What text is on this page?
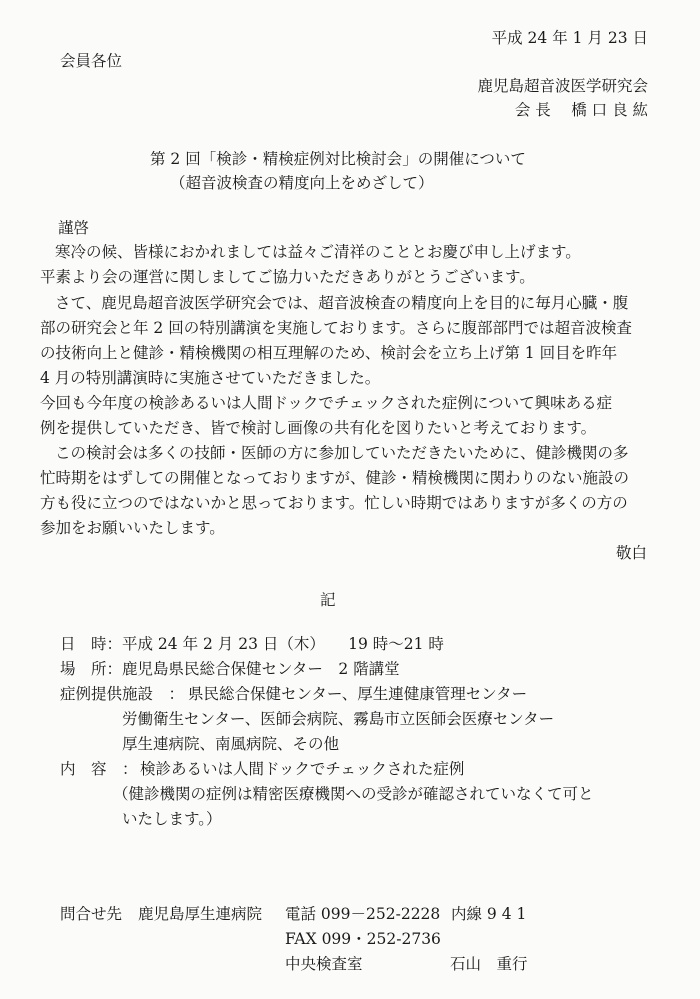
平成 24 年 1 月 23 日
会員各位
鹿児島超音波医学研究会
会 長　 橋 口 良 紘
第 2 回「検診・精検症例対比検討会」の開催について
（超音波検査の精度向上をめざして）
謹啓
寒冷の候、皆様におかれましては益々ご清祥のこととお慶び申し上げます。
平素より会の運営に関しましてご協力いただきありがとうございます。
さて、鹿児島超音波医学研究会では、超音波検査の精度向上を目的に毎月心臓・腹
部の研究会と年 2 回の特別講演を実施しております。さらに腹部部門では超音波検査
の技術向上と健診・精検機関の相互理解のため、検討会を立ち上げ第 1 回目を昨年
4 月の特別講演時に実施させていただきました。
今回も今年度の検診あるいは人間ドックでチェックされた症例について興味ある症
例を提供していただき、皆で検討し画像の共有化を図りたいと考えております。
この検討会は多くの技師・医師の方に参加していただきたいために、健診機関の多
忙時期をはずしての開催となっておりますが、健診・精検機関に関わりのない施設の
方も役に立つのではないかと思っております。忙しい時期ではありますが多くの方の
参加をお願いいたします。
敬白
記
日　時： 平成 24 年 2 月 23 日（木）　　19 時～21 時
場　所： 鹿児島県民総合保健センター　2 階講堂
症例提供施設　： 県民総合保健センター、厚生連健康管理センター
労働衛生センター、医師会病院、霧島市立医師会医療センター
厚生連病院、南風病院、その他
内　容　： 検診あるいは人間ドックでチェックされた症例
（健診機関の症例は精密医療機関への受診が確認されていなくて可と
いたします。）
問合せ先 鹿児島厚生連病院 電話 099－252-2228 内線 9 4 1
FAX 099・252-2736
中央検査室	石山　重行
